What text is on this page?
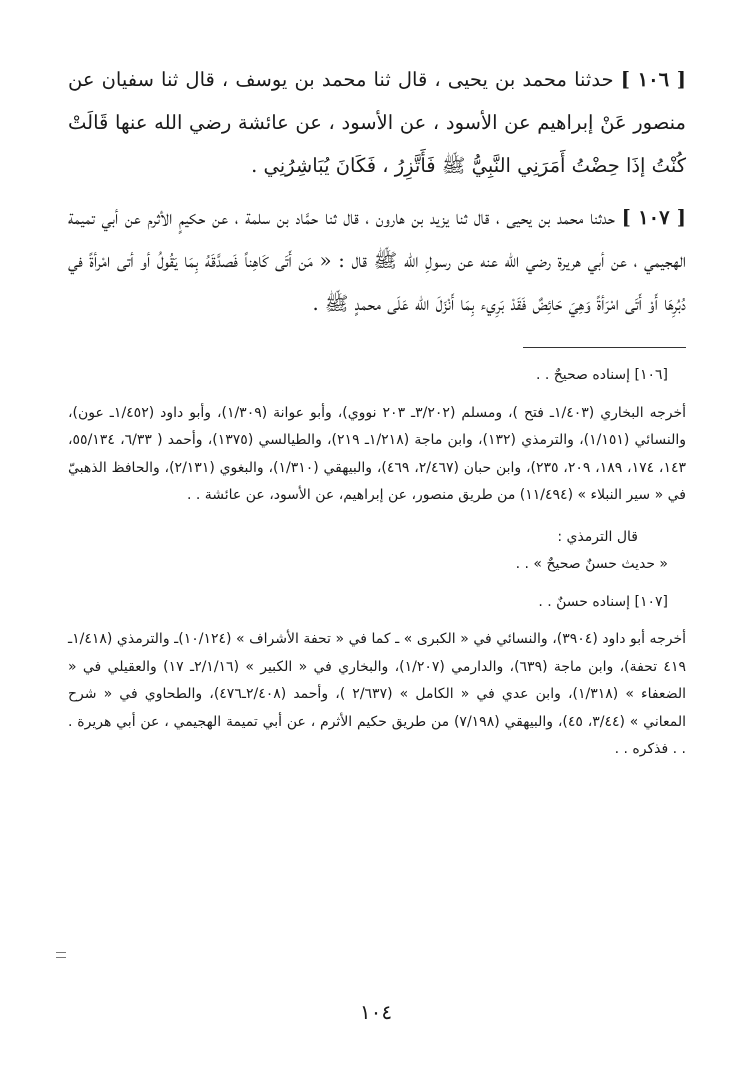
[ ١٠٦ ] حدثنا محمد بن يحيى ، قال ثنا محمد بن يوسف ، قال ثنا سفيان عن منصور عَنْ إبراهيم عن الأسود ، عن الأسود ، عن عائشة رضي الله عنها قَالَتْ كُنْتُ إذَا حِضْتُ أَمَرَنِي النَّبِيُّ ﷺ فَأَتَّزِرُ ، فَكَانَ يُبَاشِرُنِي .

[ ١٠٧ ] حدثنا محمد بن يحيى ، قال ثنا يزيد بن هارون ، قال ثنا حمَّاد بن سلمة ، عن حكيمٍ الأثرم عن أبي تميمة الهجيمي ، عن أبي هريرة رضي الله عنه عن رسولِ الله ﷺ قال : « مَن أَتَى كَاهِناً فَصدَّقَهُ بِمَا يَقُولُ أو أتى امْرأةً في دُبُرِهَا أَوْ أَتَى امْرَأةً وَهِيَ حَائِضٌ فَقَدْ بَرِيء بِمَا أَنْزَلَ الله عَلَى محمدٍ ﷺ .

[١٠٦] إسناده صحيحٌ . .

أخرجه البخاري (١/٤٠٣ـ فتح )، ومسلم (٣/٢٠٢ـ ٢٠٣ نووي)، وأبو عوانة (١/٣٠٩)، وأبو داود (١/٤٥٢ـ عون)، والنسائي (١/١٥١)، والترمذي (١٣٢)، وابن ماجة (١/٢١٨ـ ٢١٩)، والطيالسي (١٣٧٥)، وأحمد ( ٦/٣٣، ٥٥/١٣٤، ١٤٣، ١٧٤، ١٨٩، ٢٠٩، ٢٣٥)، وابن حبان (٢/٤٦٧، ٤٦٩)، والبيهقي (١/٣١٠)، والبغوي (٢/١٣١)، والحافظ الذهبيّ في « سير النبلاء » (١١/٤٩٤) من طريق منصور، عن إبراهيم، عن الأسود، عن عائشة . .

قال الترمذي :

« حديث حسنٌ صحيحٌ » . .

[١٠٧] إسناده حسنٌ . .

أخرجه أبو داود (٣٩٠٤)، والنسائي في « الكبرى » ـ كما في « تحفة الأشراف » (١٠/١٢٤)ـ والترمذي (١/٤١٨ـ ٤١٩ تحفة)، وابن ماجة (٦٣٩)، والدارمي (١/٢٠٧)، والبخاري في « الكبير » (٢/١/١٦ـ ١٧) والعقيلي في « الضعفاء » (١/٣١٨)، وابن عدي في « الكامل » (٢/٦٣٧ )، وأحمد (٢/٤٠٨ـ٤٧٦)، والطحاوي في « شرح المعاني » (٣/٤٤، ٤٥)، والبيهقي (٧/١٩٨) من طريق حكيم الأثرم ، عن أبي تميمة الهجيمي ، عن أبي هريرة . . . فذكره . .

١٠٤
